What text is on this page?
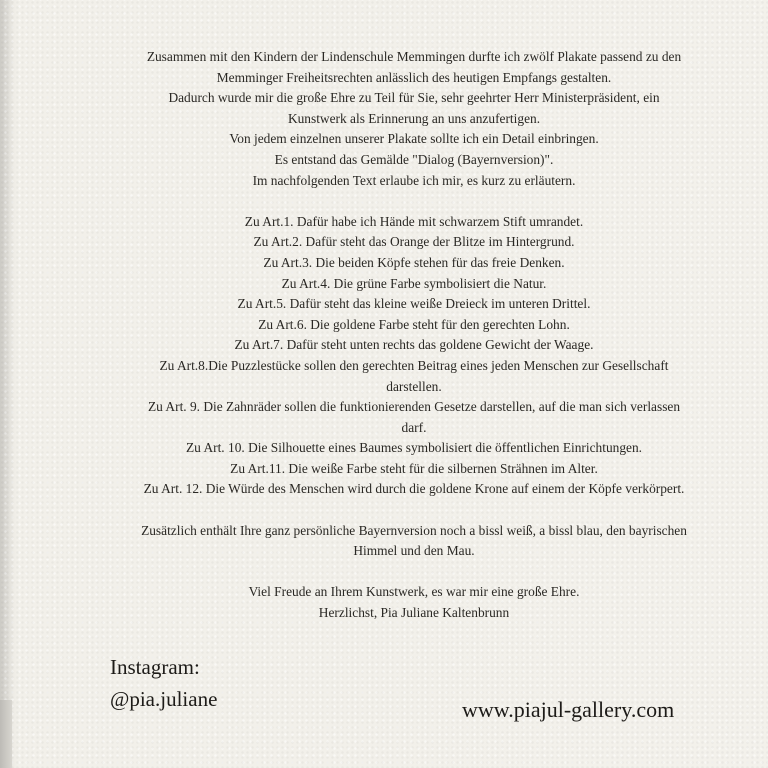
Zusammen mit den Kindern der Lindenschule Memmingen durfte ich zwölf Plakate passend zu den

Memminger Freiheitsrechten anlässlich des heutigen Empfangs gestalten.

Dadurch wurde mir die große Ehre zu Teil für Sie, sehr geehrter Herr Ministerpräsident, ein

Kunstwerk als Erinnerung an uns anzufertigen.

Von jedem einzelnen unserer Plakate sollte ich ein Detail einbringen.

Es entstand das Gemälde "Dialog (Bayernversion)".

Im nachfolgenden Text erlaube ich mir, es kurz zu erläutern.

Zu Art.1. Dafür habe ich Hände mit schwarzem Stift umrandet.

Zu Art.2. Dafür steht das Orange der Blitze im Hintergrund.

Zu Art.3. Die beiden Köpfe stehen für das freie Denken.

Zu Art.4. Die grüne Farbe symbolisiert die Natur.

Zu Art.5. Dafür steht das kleine weiße Dreieck im unteren Drittel.

Zu Art.6. Die goldene Farbe steht für den gerechten Lohn.

Zu Art.7. Dafür steht unten rechts das goldene Gewicht der Waage.

Zu Art.8.Die Puzzlestücke sollen den gerechten Beitrag eines jeden Menschen zur Gesellschaft

darstellen.

Zu Art. 9. Die Zahnräder sollen die funktionierenden Gesetze darstellen, auf die man sich verlassen

darf.

Zu Art. 10. Die Silhouette eines Baumes symbolisiert die öffentlichen Einrichtungen.

Zu Art.11. Die weiße Farbe steht für die silbernen Strähnen im Alter.

Zu Art. 12. Die Würde des Menschen wird durch die goldene Krone auf einem der Köpfe verkörpert.

Zusätzlich enthält Ihre ganz persönliche Bayernversion noch a bissl weiß, a bissl blau, den bayrischen

Himmel und den Mau.

Viel Freude an Ihrem Kunstwerk, es war mir eine große Ehre.

Herzlichst, Pia Juliane Kaltenbrunn

Instagram:
@pia.juliane	www.piajul-gallery.com
